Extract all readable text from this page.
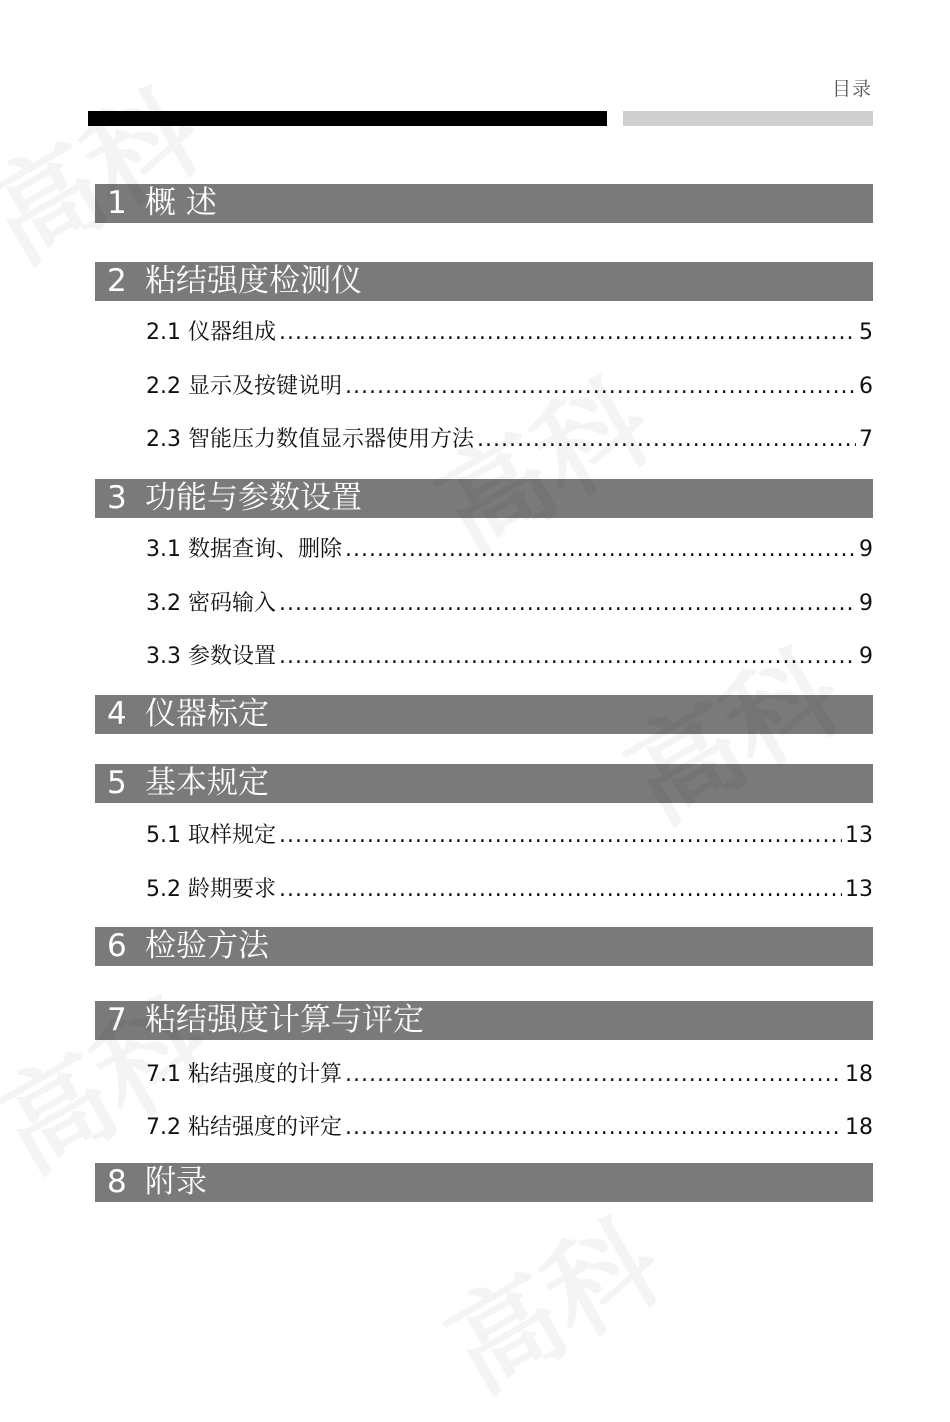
目录
1 概 述
2 粘结强度检测仪
2.1 仪器组成 .....	5
2.2 显示及按键说明 .....	6
2.3 智能压力数值显示器使用方法 .....	7
3 功能与参数设置
3.1 数据查询、删除 .....	9
3.2 密码输入 .....	9
3.3 参数设置 .....	9
4 仪器标定
5 基本规定
5.1 取样规定 .....	13
5.2 龄期要求 .....	13
6 检验方法
7 粘结强度计算与评定
7.1 粘结强度的计算 .....	18
7.2 粘结强度的评定 .....	18
8 附录
